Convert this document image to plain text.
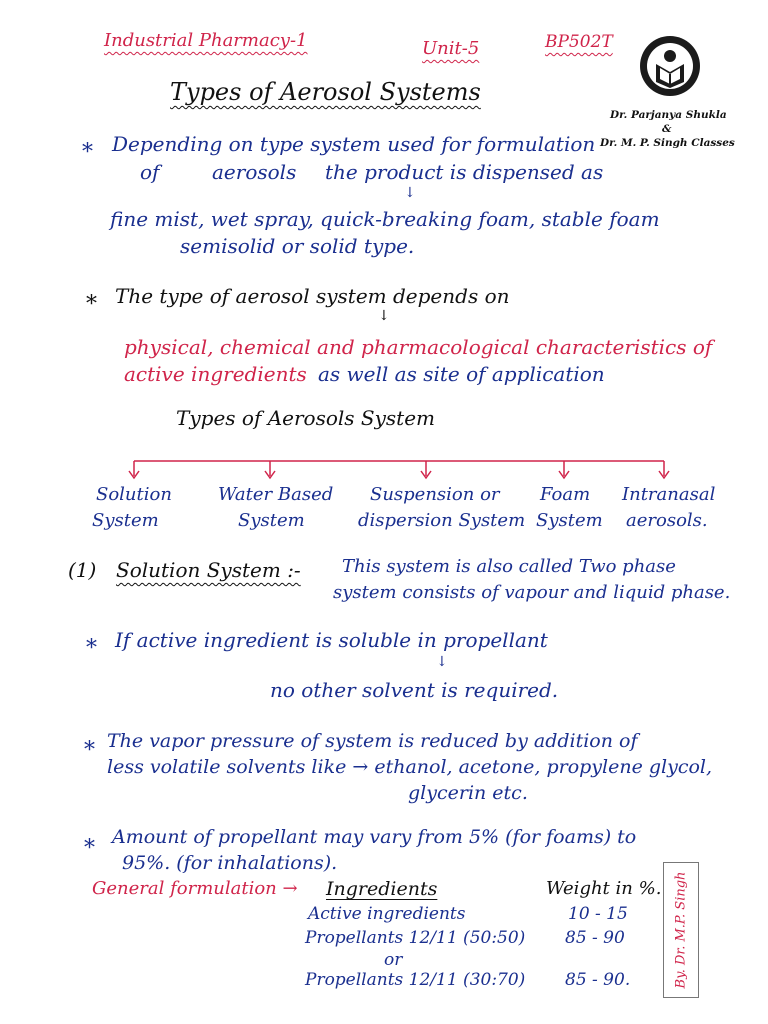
Industrial Pharmacy-1	Unit-5	BP502T
Dr. Parjanya Shukla
&
Dr. M. P. Singh Classes
Types of Aerosol Systems
* Depending on type system used for formulation
of	aerosols the product is dispensed as
↓
fine mist, wet spray, quick-breaking foam, stable foam
semisolid or solid type.
* The type of aerosol system depends on
↓
physical, chemical and pharmacological characteristics of
active ingredients as well as site of application
Types of Aerosols System
Solution
System
Water Based
System
Suspension or
dispersion System
Foam
System
Intranasal
aerosols.
(1) Solution System :- This system is also called Two phase
system consists of vapour and liquid phase.
* If active ingredient is soluble in propellant
↓
no other solvent is required.
* The vapor pressure of system is reduced by addition of
less volatile solvents like → ethanol, acetone, propylene glycol,
glycerin etc.
* Amount of propellant may vary from 5% (for foams) to
95%. (for inhalations).
General formulation → Ingredients	Weight in %.
Active ingredients	10 - 15
Propellants 12/11 (50:50) 85 - 90
or
Propellants 12/11 (30:70) 85 - 90.	By. Dr. M.P. Singh
